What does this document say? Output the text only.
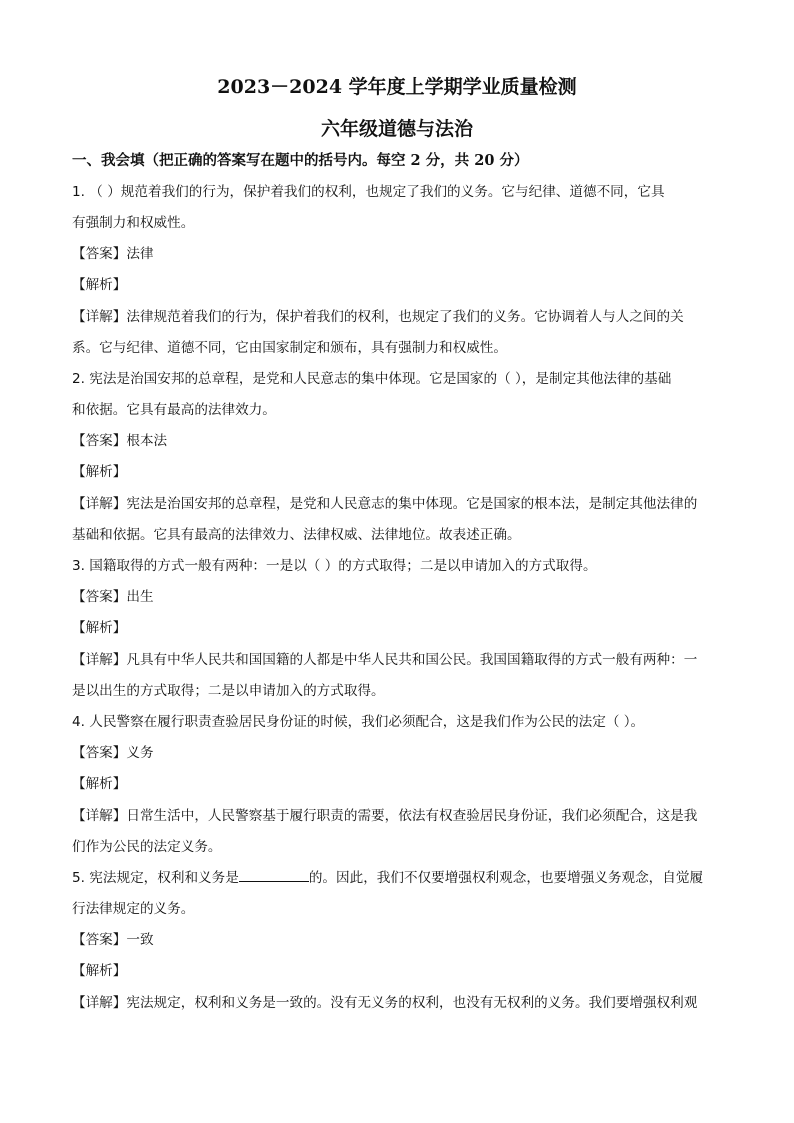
2023－2024 学年度上学期学业质量检测
六年级道德与法治
一、我会填（把正确的答案写在题中的括号内。每空 2 分，共 20 分）
1. （ ）规范着我们的行为，保护着我们的权利，也规定了我们的义务。它与纪律、道德不同，它具
有强制力和权威性。
【答案】法律
【解析】
【详解】法律规范着我们的行为，保护着我们的权利，也规定了我们的义务。它协调着人与人之间的关
系。它与纪律、道德不同，它由国家制定和颁布，具有强制力和权威性。
2. 宪法是治国安邦的总章程，是党和人民意志的集中体现。它是国家的（ ），是制定其他法律的基础
和依据。它具有最高的法律效力。
【答案】根本法
【解析】
【详解】宪法是治国安邦的总章程，是党和人民意志的集中体现。它是国家的根本法，是制定其他法律的
基础和依据。它具有最高的法律效力、法律权威、法律地位。故表述正确。
3. 国籍取得的方式一般有两种：一是以（ ）的方式取得；二是以申请加入的方式取得。
【答案】出生
【解析】
【详解】凡具有中华人民共和国国籍的人都是中华人民共和国公民。我国国籍取得的方式一般有两种：一
是以出生的方式取得；二是以申请加入的方式取得。
4. 人民警察在履行职责查验居民身份证的时候，我们必须配合，这是我们作为公民的法定（ ）。
【答案】义务
【解析】
【详解】日常生活中，人民警察基于履行职责的需要，依法有权查验居民身份证，我们必须配合，这是我
们作为公民的法定义务。
5. 宪法规定，权利和义务是	的。因此，我们不仅要增强权利观念，也要增强义务观念，自觉履
行法律规定的义务。
【答案】一致
【解析】
【详解】宪法规定，权利和义务是一致的。没有无义务的权利，也没有无权利的义务。我们要增强权利观
